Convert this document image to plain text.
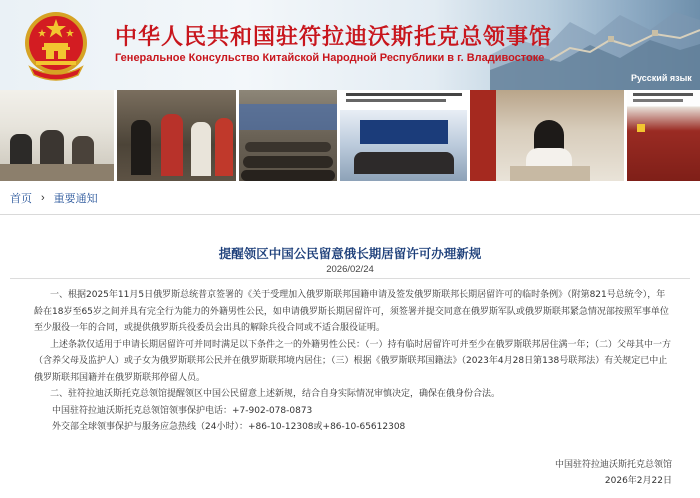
中华人民共和国驻符拉迪沃斯托克总领事馆
Генеральное Консульство Китайской Народной Республики в г. Владивостоке
Русский язык
首页 › 重要通知
提醒领区中国公民留意俄长期居留许可办理新规
2026/02/24

一、根据2025年11月5日俄罗斯总统普京签署的《关于受理加入俄罗斯联邦国籍申请及签发俄罗斯联邦长期居留许可的临时条例》（附第821号总统令），年龄在18岁至65岁之间并具有完全行为能力的外籍男性公民，如申请俄罗斯长期居留许可，须签署并提交同意在俄罗斯军队或俄罗斯联邦紧急情况部按照军事单位至少服役一年的合同，或提供俄罗斯兵役委员会出具的解除兵役合同或不适合服役证明。

上述条款仅适用于申请长期居留许可并同时满足以下条件之一的外籍男性公民：（一）持有临时居留许可并至少在俄罗斯联邦居住满一年；（二）父母其中一方（含养父母及监护人）或子女为俄罗斯联邦公民并在俄罗斯联邦境内居住；（三）根据《俄罗斯联邦国籍法》（2023年4月28日第138号联邦法）有关规定已中止俄罗斯联邦国籍并在俄罗斯联邦停留人员。

二、驻符拉迪沃斯托克总领馆提醒领区中国公民留意上述新规，结合自身实际情况审慎决定，确保在俄身份合法。

中国驻符拉迪沃斯托克总领馆领事保护电话：+7-902-078-0873

外交部全球领事保护与服务应急热线（24小时）：+86-10-12308或+86-10-65612308

中国驻符拉迪沃斯托克总领馆
2026年2月22日
